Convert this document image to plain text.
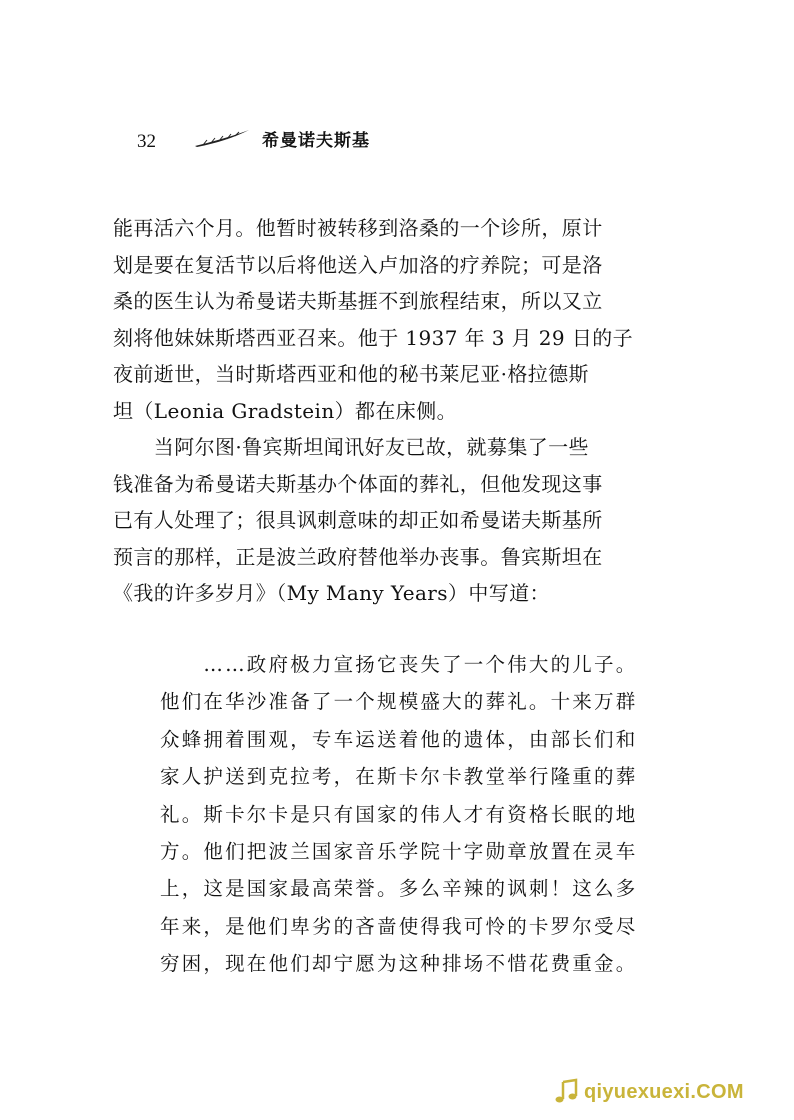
32	希曼诺夫斯基
能再活六个月。他暂时被转移到洛桑的一个诊所，原计
划是要在复活节以后将他送入卢加洛的疗养院；可是洛
桑的医生认为希曼诺夫斯基捱不到旅程结束，所以又立
刻将他妹妹斯塔西亚召来。他于 1937 年 3 月 29 日的子
夜前逝世，当时斯塔西亚和他的秘书莱尼亚·格拉德斯
坦（Leonia Gradstein）都在床侧。
　　当阿尔图·鲁宾斯坦闻讯好友已故，就募集了一些
钱准备为希曼诺夫斯基办个体面的葬礼，但他发现这事
已有人处理了；很具讽刺意味的却正如希曼诺夫斯基所
预言的那样，正是波兰政府替他举办丧事。鲁宾斯坦在
《我的许多岁月》（My Many Years）中写道：
　　……政府极力宣扬它丧失了一个伟大的儿子。
他们在华沙准备了一个规模盛大的葬礼。十来万群
众蜂拥着围观，专车运送着他的遗体，由部长们和
家人护送到克拉考，在斯卡尔卡教堂举行隆重的葬
礼。斯卡尔卡是只有国家的伟人才有资格长眠的地
方。他们把波兰国家音乐学院十字勋章放置在灵车
上，这是国家最高荣誉。多么辛辣的讽刺！这么多
年来，是他们卑劣的吝啬使得我可怜的卡罗尔受尽
穷困，现在他们却宁愿为这种排场不惜花费重金。
qiyuexuexi.COM
